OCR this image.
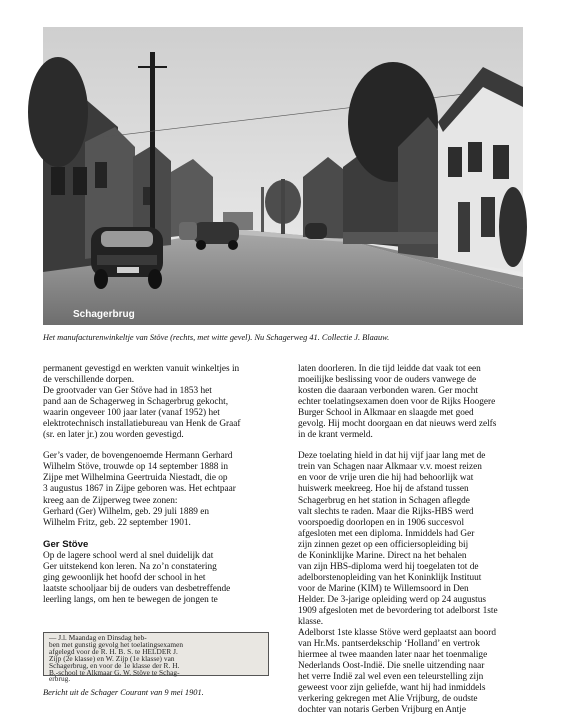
Schagerbrug
Het manufacturenwinkeltje van Stöve (rechts, met witte gevel). Nu Schagerweg 41. Collectie J. Blaauw.

permanent gevestigd en werkten vanuit winkeltjes in
de verschillende dorpen.
De grootvader van Ger Stöve had in 1853 het
pand aan de Schagerweg in Schagerbrug gekocht,
waarin ongeveer 100 jaar later (vanaf 1952) het
elektrotechnisch installatiebureau van Henk de Graaf
(sr. en later jr.) zou worden gevestigd.

Ger’s vader, de bovengenoemde Hermann Gerhard
Wilhelm Stöve, trouwde op 14 september 1888 in
Zijpe met Wilhelmina Geertruida Niestadt, die op
3 augustus 1867 in Zijpe geboren was. Het echtpaar
kreeg aan de Zijperweg twee zonen:
Gerhard (Ger) Wilhelm, geb. 29 juli 1889 en
Wilhelm Fritz, geb. 22 september 1901.

Ger Stöve

Op de lagere school werd al snel duidelijk dat
Ger uitstekend kon leren. Na zo’n constatering
ging gewoonlijk het hoofd der school in het
laatste schooljaar bij de ouders van desbetreffende
leerling langs, om hen te bewegen de jongen te

— J.l. Maandag en Dinsdag heb-
ben met gunstig gevolg het toelatingsexamen
afgelegd voor de R. H. B. S. te HELDER J.
Zijp (2e klasse) en W. Zijp (1e klasse) van
Schagerbrug, en voor de 1e klasse der R. H.
B.-school te Alkmaar G. W. Stöve te Schag-
erbrug.
Bericht uit de Schager Courant van 9 mei 1901.

laten doorleren. In die tijd leidde dat vaak tot een
moeilijke beslissing voor de ouders vanwege de
kosten die daaraan verbonden waren. Ger mocht
echter toelatingsexamen doen voor de Rijks Hoogere
Burger School in Alkmaar en slaagde met goed
gevolg. Hij mocht doorgaan en dat nieuws werd zelfs
in de krant vermeld.

Deze toelating hield in dat hij vijf jaar lang met de
trein van Schagen naar Alkmaar v.v. moest reizen
en voor de vrije uren die hij had behoorlijk wat
huiswerk meekreeg. Hoe hij de afstand tussen
Schagerbrug en het station in Schagen aflegde
valt slechts te raden. Maar die Rijks-HBS werd
voorspoedig doorlopen en in 1906 succesvol
afgesloten met een diploma. Inmiddels had Ger
zijn zinnen gezet op een officiersopleiding bij
de Koninklijke Marine. Direct na het behalen
van zijn HBS-diploma werd hij toegelaten tot de
adelborstenopleiding van het Koninklijk Instituut
voor de Marine (KIM) te Willemsoord in Den
Helder. De 3-jarige opleiding werd op 24 augustus
1909 afgesloten met de bevordering tot adelborst 1ste
klasse.
Adelborst 1ste klasse Stöve werd geplaatst aan boord
van Hr.Ms. pantserdekschip ‘Holland’ en vertrok
hiermee al twee maanden later naar het toenmalige
Nederlands Oost-Indië. Die snelle uitzending naar
het verre Indië zal wel even een teleurstelling zijn
geweest voor zijn geliefde, want hij had inmiddels
verkering gekregen met Alie Vrijburg, de oudste
dochter van notaris Gerben Vrijburg en Antje
